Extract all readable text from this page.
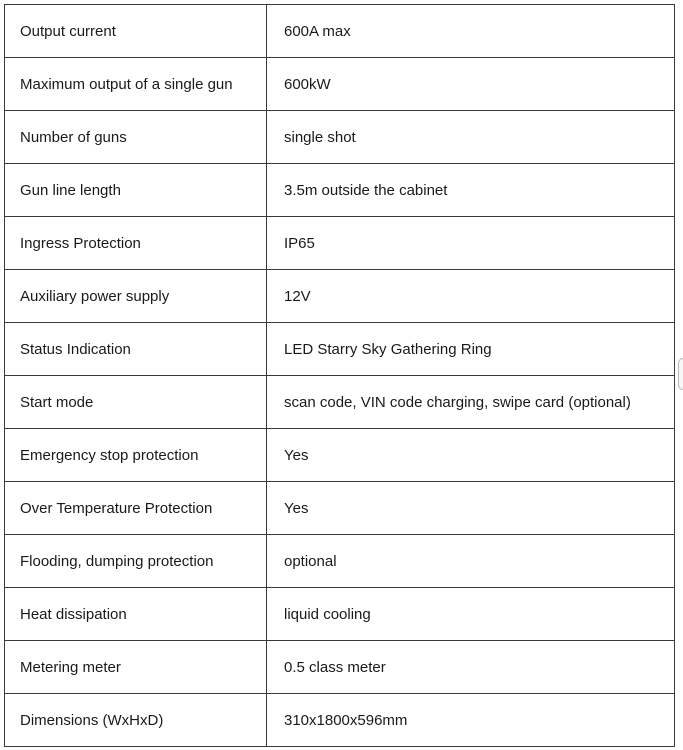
Output current	600A max
Maximum output of a single gun	600kW
Number of guns	single shot
Gun line length	3.5m outside the cabinet
Ingress Protection	IP65
Auxiliary power supply	12V
Status Indication	LED Starry Sky Gathering Ring
Start mode	scan code, VIN code charging, swipe card (optional)
Emergency stop protection	Yes
Over Temperature Protection	Yes
Flooding, dumping protection	optional
Heat dissipation	liquid cooling
Metering meter	0.5 class meter
Dimensions (WxHxD)	310x1800x596mm
